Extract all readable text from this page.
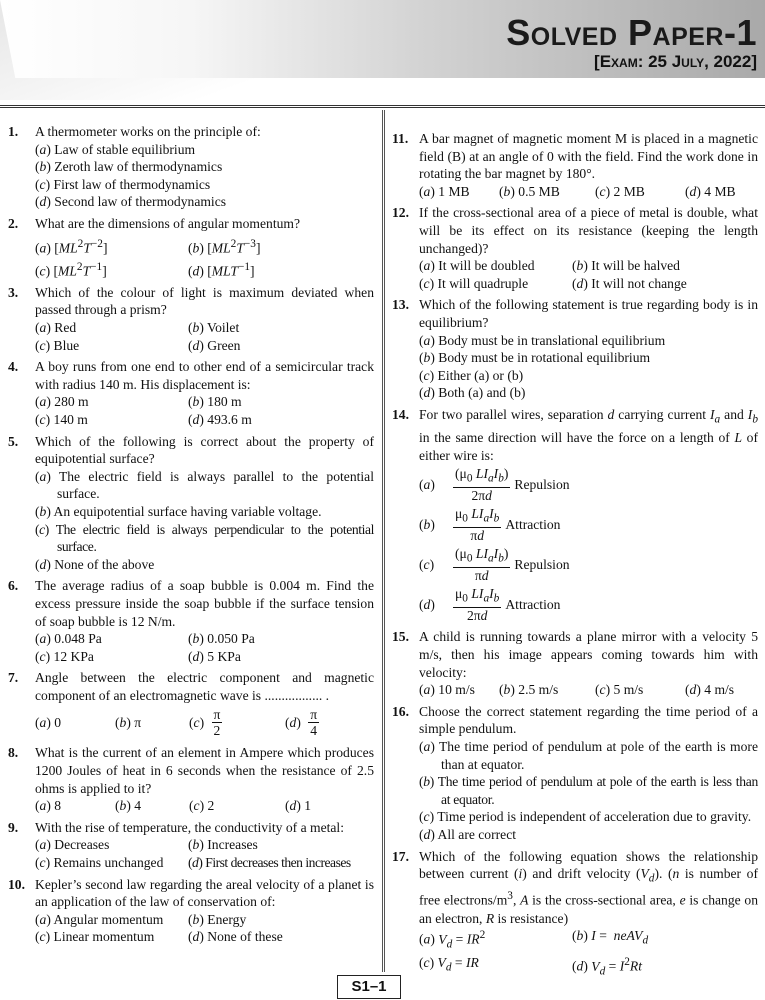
Solved Paper-1
[Exam: 25 July, 2022]
1. A thermometer works on the principle of:
(a) Law of stable equilibrium
(b) Zeroth law of thermodynamics
(c) First law of thermodynamics
(d) Second law of thermodynamics
2. What are the dimensions of angular momentum?
(a) $[ML^2T^{-2}]$	(b) $[ML^2T^{-3}]$
(c) $[ML^2T^{-1}]$	(d) $[MLT^{-1}]$
3. Which of the colour of light is maximum deviated when passed through a prism?
(a) Red	(b) Voilet
(c) Blue	(d) Green
4. A boy runs from one end to other end of a semicircular track with radius 140 m. His displacement is:
(a) 280 m	(b) 180 m
(c) 140 m	(d) 493.6 m
5. Which of the following is correct about the property of equipotential surface?
(a) The electric field is always parallel to the potential surface.
(b) An equipotential surface having variable voltage.
(c) The electric field is always perpendicular to the potential surface.
(d) None of the above
6. The average radius of a soap bubble is 0.004 m. Find the excess pressure inside the soap bubble if the surface tension of soap bubble is 12 N/m.
(a) 0.048 Pa	(b) 0.050 Pa
(c) 12 KPa	(d) 5 KPa
7. Angle between the electric component and magnetic component of an electromagnetic wave is ................. .
(a) 0	(b) π	( c ) $\frac{\pi}{2}$	( d ) $\frac{\pi}{4}$
8. What is the current of an element in Ampere which produces 1200 Joules of heat in 6 seconds when the resistance of 2.5 ohms is applied to it?
(a) 8	(b) 4	(c) 2	(d) 1
9. With the rise of temperature, the conductivity of a metal:
(a) Decreases	(b) Increases
(c) Remains unchanged	(d) First decreases then increases
10. Kepler’s second law regarding the areal velocity of a planet is an application of the law of conservation of:
(a) Angular momentum	(b) Energy
(c) Linear momentum	(d) None of these
11. A bar magnet of magnetic moment M is placed in a magnetic field (B) at an angle of 0 with the field. Find the work done in rotating the bar magnet by 180°.
(a) 1 MB	(b) 0.5 MB	(c) 2 MB	(d) 4 MB
12. If the cross-sectional area of a piece of metal is double, what will be its effect on its resistance (keeping the length unchanged)?
(a) It will be doubled	(b) It will be halved
(c) It will quadruple	(d) It will not change
13. Which of the following statement is true regarding body is in equilibrium?
(a) Body must be in translational equilibrium
(b) Body must be in rotational equilibrium
(c) Either (a) or (b)
(d) Both (a) and (b)
14. For two parallel wires, separation d carrying current $I_a$ and $I_b$ in the same direction will have the force on a length of L of either wire is:
(a)	$\frac{(\mu_0 LI_aI_b)}{2\pi d}$ Repulsion
(b)	$\frac{\mu_0 LI_aI_b}{\pi d}$ Attraction
(c)	$\frac{(\mu_0 LI_aI_b)}{\pi d}$ Repulsion
(d)	$\frac{\mu_0 LI_aI_b}{2\pi d}$ Attraction
15. A child is running towards a plane mirror with a velocity 5 m/s, then his image appears coming towards him with velocity:
(a) 10 m/s	(b) 2.5 m/s	(c) 5 m/s	(d) 4 m/s
16. Choose the correct statement regarding the time period of a simple pendulum.
(a) The time period of pendulum at pole of the earth is more than at equator.
(b) The time period of pendulum at pole of the earth is less than at equator.
(c) Time period is independent of acceleration due to gravity.
(d) All are correct
17. Which of the following equation shows the relationship between current (i) and drift velocity $(V_d)$. (n is number of free electrons/$m^3$, A is the cross-sectional area, e is change on an electron, R is resistance)
(a) $V_d = IR^2$	(b) I =  neAV$_d$
(c) $V_d$ = IR	(d) $V_d = I^2Rt$
S1–1
